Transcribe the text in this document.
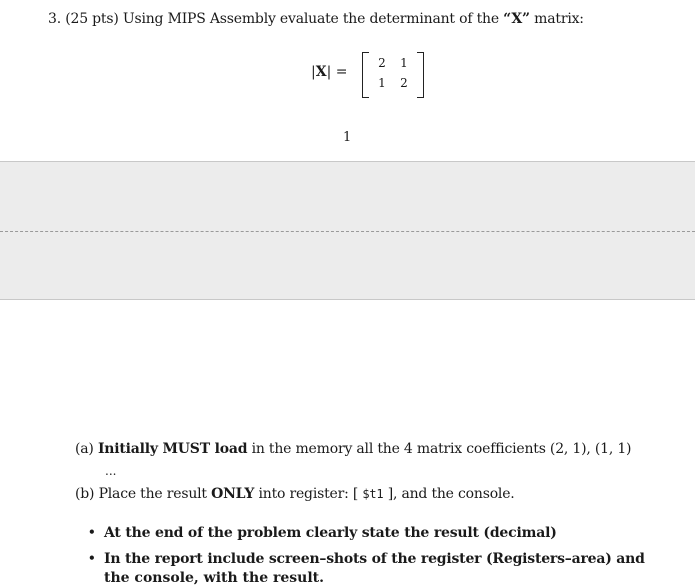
3. (25 pts) Using MIPS Assembly evaluate the determinant of the “X” matrix:
|X| =
2 1
1 2
1
(a) Initially MUST load in the memory all the 4 matrix coefficients (2, 1), (1, 1)
...
(b) Place the result ONLY into register: [ $t1 ], and the console.
• At the end of the problem clearly state the result (decimal)
• In the report include screen–shots of the register (Registers–area) and
the console, with the result.
